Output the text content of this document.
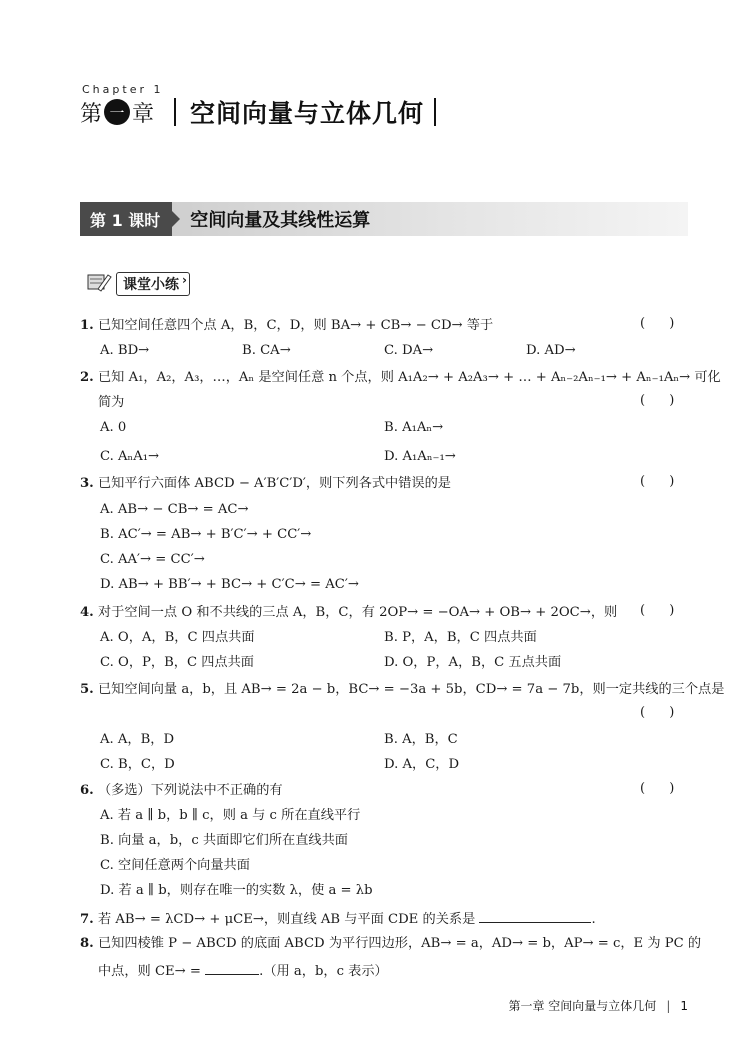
Chapter 1
第 一 章 空间向量与立体几何
第 1 课时	空间向量及其线性运算
课堂小练 ›
1. 已知空间任意四个点 A，B，C，D，则 BA→ + CB→ − CD→ 等于	( )
A. BD→	B. CA→	C. DA→	D. AD→
2. 已知 A₁，A₂，A₃，…，Aₙ 是空间任意 n 个点，则 A₁A₂→ + A₂A₃→ + … + Aₙ₋₂Aₙ₋₁→ + Aₙ₋₁Aₙ→ 可化
简为	( )
A. 0	B. A₁Aₙ→
C. AₙA₁→	D. A₁Aₙ₋₁→
3. 已知平行六面体 ABCD − A′B′C′D′，则下列各式中错误的是	( )
A. AB→ − CB→ = AC→
B. AC′→ = AB→ + B′C′→ + CC′→
C. AA′→ = CC′→
D. AB→ + BB′→ + BC→ + C′C→ = AC′→
4. 对于空间一点 O 和不共线的三点 A，B，C，有 2OP→ = −OA→ + OB→ + 2OC→，则 ( )
A. O，A，B，C 四点共面	B. P，A，B，C 四点共面
C. O，P，B，C 四点共面	D. O，P，A，B，C 五点共面
5. 已知空间向量 a，b，且 AB→ = 2a − b，BC→ = −3a + 5b，CD→ = 7a − 7b，则一定共线的三个点是
( )
A. A，B，D	B. A，B，C
C. B，C，D	D. A，C，D
6. （多选）下列说法中不正确的有	( )
A. 若 a ∥ b，b ∥ c，则 a 与 c 所在直线平行
B. 向量 a，b，c 共面即它们所在直线共面
C. 空间任意两个向量共面
D. 若 a ∥ b，则存在唯一的实数 λ，使 a = λb
7. 若 AB→ = λCD→ + μCE→，则直线 AB 与平面 CDE 的关系是	.
8. 已知四棱锥 P − ABCD 的底面 ABCD 为平行四边形，AB→ = a，AD→ = b，AP→ = c，E 为 PC 的
中点，则 CE→ =	.（用 a，b，c 表示）
第一章 空间向量与立体几何 | 1
